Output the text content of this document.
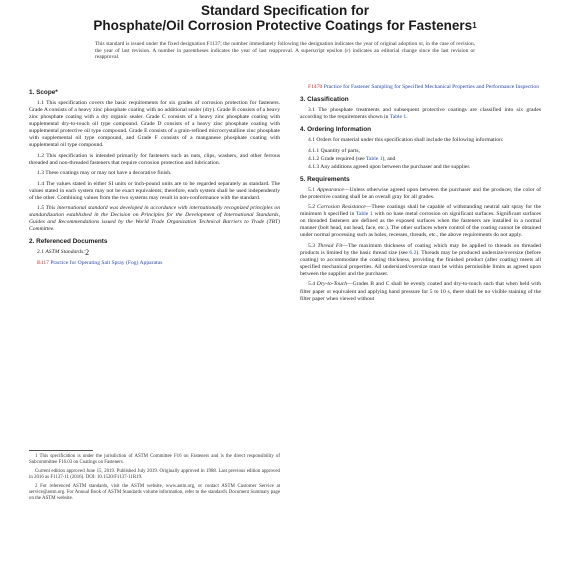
Standard Specification for
Phosphate/Oil Corrosion Protective Coatings for Fasteners$^1$
This standard is issued under the fixed designation F1137; the number immediately following the designation indicates the year of original adoption or, in the case of revision, the year of last revision. A number in parentheses indicates the year of last reapproval. A superscript epsilon (ε) indicates an editorial change since the last revision or reapproval.
1. Scope*

1.1 This specification covers the basic requirements for six grades of corrosion protection for fasteners. Grade A consists of a heavy zinc phosphate coating with no additional sealer (dry). Grade B consists of a heavy zinc phosphate coating with a dry organic sealer. Grade C consists of a heavy zinc phosphate coating with supplemental dry-to-touch oil type compound. Grade D consists of a heavy zinc phosphate coating with supplemental protective oil type compound. Grade E consists of a grain-refined microcrystalline zinc phosphate with supplemental oil type compound, and Grade F consists of a manganese phosphate coating with supplemental oil type compound.

1.2 This specification is intended primarily for fasteners such as nuts, clips, washers, and other ferrous threaded and non-threaded fasteners that require corrosion protection and lubrication.

1.3 These coatings may or may not have a decorative finish.

1.4 The values stated in either SI units or inch-pound units are to be regarded separately as standard. The values stated in each system may not be exact equivalents; therefore, each system shall be used independently of the other. Combining values from the two systems may result in non-conformance with the standard.

1.5 This international standard was developed in accordance with internationally recognized principles on standardization established in the Decision on Principles for the Development of International Standards, Guides and Recommendations issued by the World Trade Organization Technical Barriers to Trade (TBT) Committee.

2. Referenced Documents

2.1 ASTM Standards:2

B117 Practice for Operating Salt Spray (Fog) Apparatus

1 This specification is under the jurisdiction of ASTM Committee F16 on Fasteners and is the direct responsibility of Subcommittee F16.03 on Coatings on Fasteners.

Current edition approved June 15, 2019. Published July 2019. Originally approved in 1988. Last previous edition approved in 2016 as F1137-11 (2016). DOI: 10.1520/F1137-11R19.

2 For referenced ASTM standards, visit the ASTM website, www.astm.org, or contact ASTM Customer Service at service@astm.org. For Annual Book of ASTM Standards volume information, refer to the standard's Document Summary page on the ASTM website.

F1470 Practice for Fastener Sampling for Specified Mechanical Properties and Performance Inspection

3. Classification

3.1 The phosphate treatments and subsequent protective coatings are classified into six grades according to the requirements shown in Table 1.

4. Ordering Information

4.1 Orders for material under this specification shall include the following information:

4.1.1 Quantity of parts,

4.1.2 Grade required (see Table 1), and

4.1.3 Any additions agreed upon between the purchaser and the supplier.

5. Requirements

5.1 Appearance—Unless otherwise agreed upon between the purchaser and the producer, the color of the protective coating shall be an overall gray for all grades.

5.2 Corrosion Resistance—These coatings shall be capable of withstanding neutral salt spray for the minimum h specified in Table 1 with no base metal corrosion on significant surfaces. Significant surfaces on threaded fasteners are defined as the exposed surfaces when the fasteners are installed in a normal manner (bolt head, nut head, face, etc.). The other surfaces where control of the coating cannot be obtained under normal processing such as holes, recesses, threads, etc., the above requirements do not apply.

5.3 Thread Fit—The maximum thickness of coating which may be applied to threads on threaded products is limited by the basic thread size (see 6.2). Threads may be produced undersize/oversize (before coating) to accommodate the coating thickness, providing the finished product (after coating) meets all specified mechanical properties. All undersized/oversize must be within permissible limits as agreed upon between the supplier and the purchaser.

5.4 Dry-to-Touch—Grades B and C shall be evenly coated and dry-to-touch such that when held with filter paper or equivalent and applying hand pressure for 5 to 10 s, there shall be no visible staining of the filter paper when viewed without
